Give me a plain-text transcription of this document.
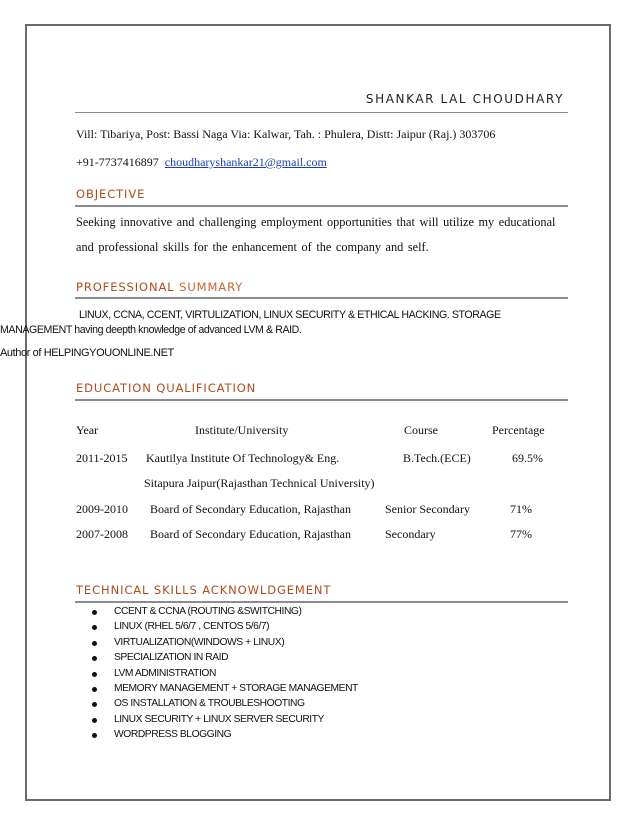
SHANKAR LAL CHOUDHARY
Vill: Tibariya, Post: Bassi Naga Via: Kalwar, Tah. : Phulera, Distt: Jaipur (Raj.) 303706
+91-7737416897 choudharyshankar21@gmail.com
OBJECTIVE
Seeking innovative and challenging employment opportunities that will utilize my educational
and professional skills for the enhancement of the company and self.
PROFESSIONAL SUMMARY
LINUX, CCNA, CCENT, VIRTULIZATION, LINUX SECURITY & ETHICAL HACKING. STORAGE
MANAGEMENT having deepth knowledge of advanced LVM & RAID.
Author of HELPINGYOUONLINE.NET
EDUCATION QUALIFICATION
Year	Institute/University	Course	Percentage
2011-2015 Kautilya Institute Of Technology& Eng.	B.Tech.(ECE)	69.5%
Sitapura Jaipur(Rajasthan Technical University)
2009-2010 Board of Secondary Education, Rajasthan	Senior Secondary	71%
2007-2008 Board of Secondary Education, Rajasthan	Secondary	77%
TECHNICAL SKILLS ACKNOWLDGEMENT
CCENT & CCNA (ROUTING &SWITCHING)
LINUX (RHEL 5/6/7 , CENTOS 5/6/7)
VIRTUALIZATION(WINDOWS + LINUX)
SPECIALIZATION IN RAID
LVM ADMINISTRATION
MEMORY MANAGEMENT + STORAGE MANAGEMENT
OS INSTALLATION & TROUBLESHOOTING
LINUX SECURITY + LINUX SERVER SECURITY
WORDPRESS BLOGGING
